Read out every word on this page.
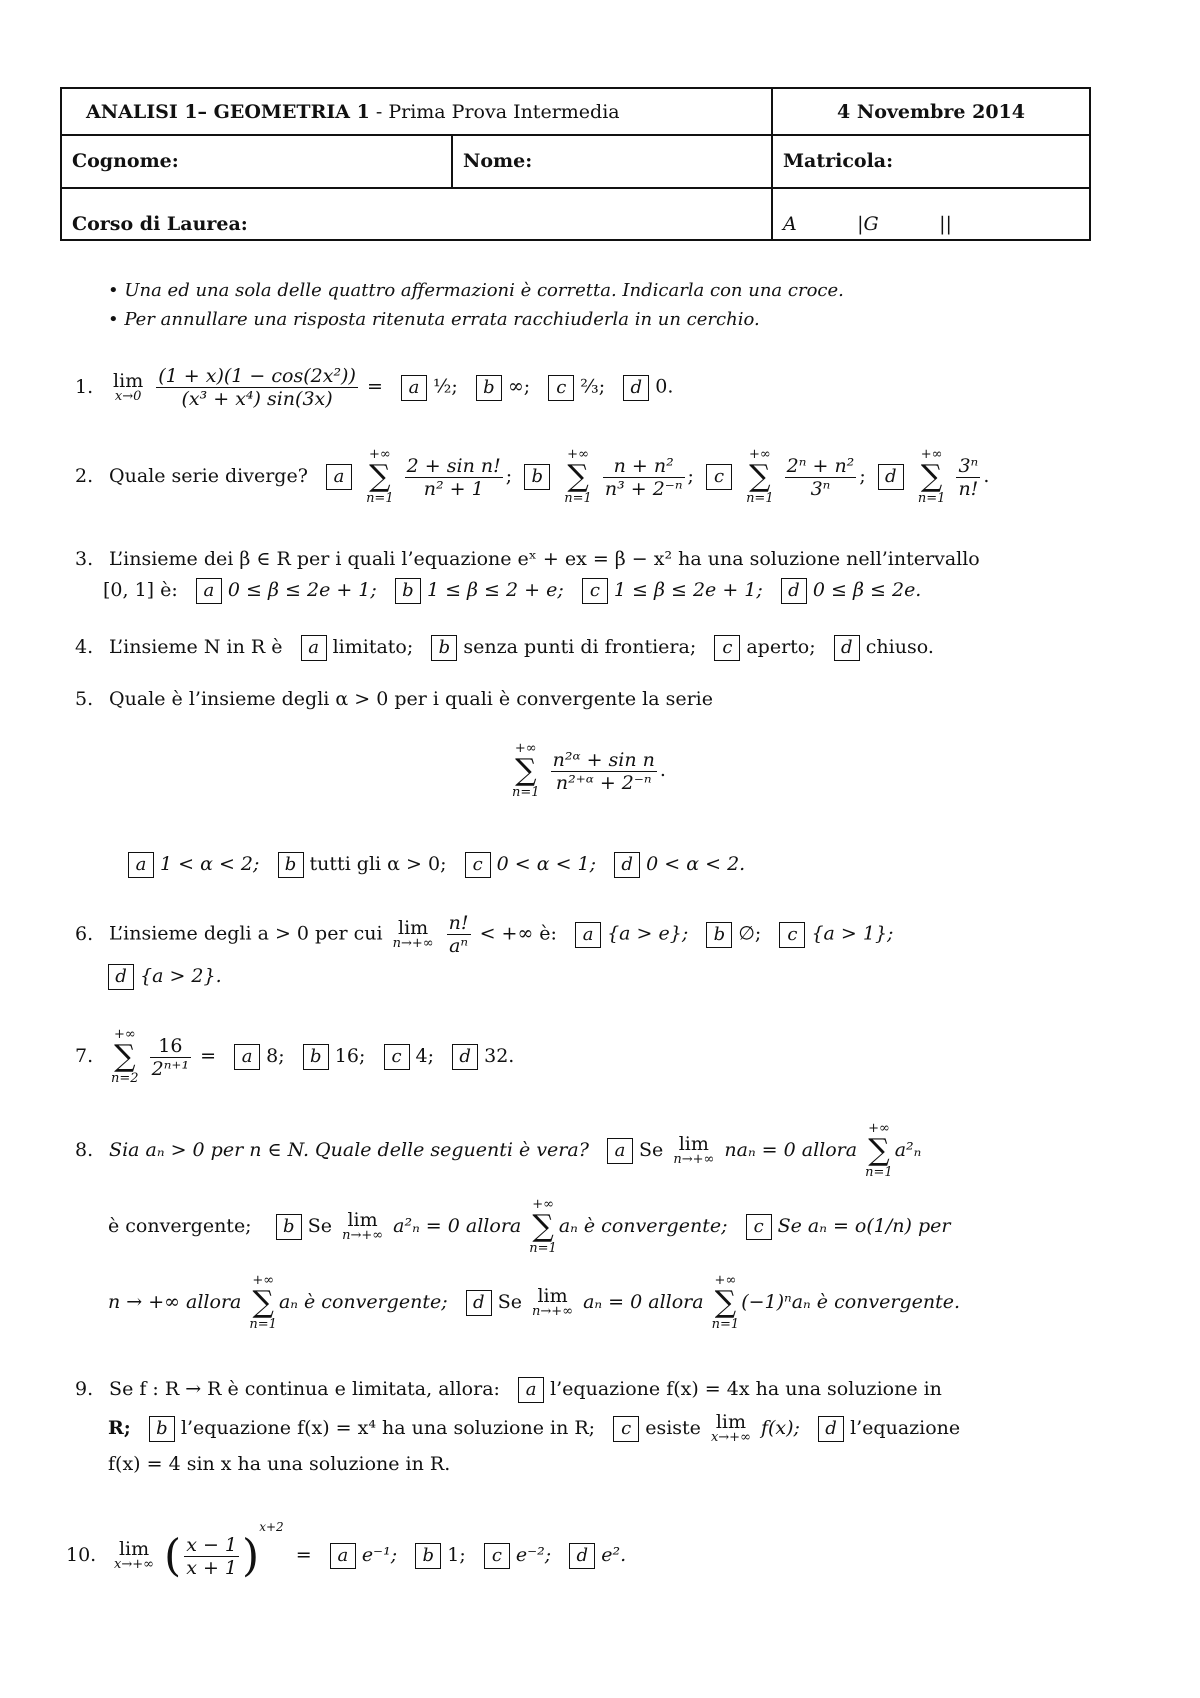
ANALISI 1– GEOMETRIA 1
- Prima Prova Intermedia	4 Novembre 2014
Cognome:	Nome:	Matricola:
Corso di Laurea:	A          |G          ||
• Una ed una sola delle quattro affermazioni è corretta. Indicarla con una croce.
• Per annullare una risposta ritenuta errata racchiuderla in un cerchio.
1. lim
x→0
$\frac{\text{(1 + x)(1 − cos(2x²))}}{\text{(x³ + x⁴) sin(3x)}} = a$ ½; b ∞; c ⅔; d 0.
2. Quale serie diverge? a
+∞
∑
n=1
$\frac{\text{2 + sin n!}}{\text{n² + 1}}$ ;  b
+∞
∑
n=1
$\frac{\text{n + n²}}{\text{n³ + 2⁻ⁿ}}$ ;  c
+∞
∑
n=1
$\frac{\text{2ⁿ + n²}}{\text{3ⁿ}}$ ;  d
+∞
∑
n=1
$\frac{\text{3ⁿ}}{n!}$ .
3. L’insieme dei β ∈ R per i quali l’equazione eˣ + ex = β − x² ha una soluzione nell’intervallo
[0, 1] è: a 0 ≤ β ≤ 2e + 1; b 1 ≤ β ≤ 2 + e; c 1 ≤ β ≤ 2e + 1; d 0 ≤ β ≤ 2e.
4. L’insieme N in R è a limitato; b senza punti di frontiera; c aperto; d chiuso.
5. Quale è l’insieme degli α > 0 per i quali è convergente la serie
+∞
∑
n=1
$\frac{\text{n²ᵅ + sin n}}{\text{n²⁺ᵅ + 2⁻ⁿ}}$ .
a 1 < α < 2; b tutti gli α > 0; c 0 < α < 1; d 0 < α < 2.
6. L’insieme degli a > 0 per cui lim
n→+∞
$\frac{n!}{\text{aⁿ}}$ < +∞ è: a {a > e}; b ∅; c {a > 1};
d {a > 2}.
7.
+∞
∑
n=2
$\frac{16}{\text{2ⁿ⁺¹}} = a$ 8; b 16; c 4; d 32.
8. Sia aₙ > 0 per n ∈ N. Quale delle seguenti è vera? a Se lim
n→+∞ naₙ = 0 allora
+∞
∑
n=1
a²ₙ
è convergente; b Se lim
n→+∞ a²ₙ = 0 allora
+∞
∑
n=1
aₙ è convergente; c Se aₙ = o(1/n) per
n → +∞ allora
+∞
∑
n=1
aₙ è convergente; d Se lim
n→+∞ aₙ = 0 allora
+∞
∑
n=1
(−1)ⁿaₙ è convergente.
9. Se f : R → R è continua e limitata, allora: a l’equazione f(x) = 4x ha una soluzione in
R; b l’equazione f(x) = x⁴ ha una soluzione in R; c esiste lim
x→+∞ f(x); d l’equazione
f(x) = 4 sin x ha una soluzione in R.
10. lim
x→+∞ ( $\frac{x - 1}{x + 1} )^{x+2} = a$ e⁻¹; b 1; c e⁻²; d e².
